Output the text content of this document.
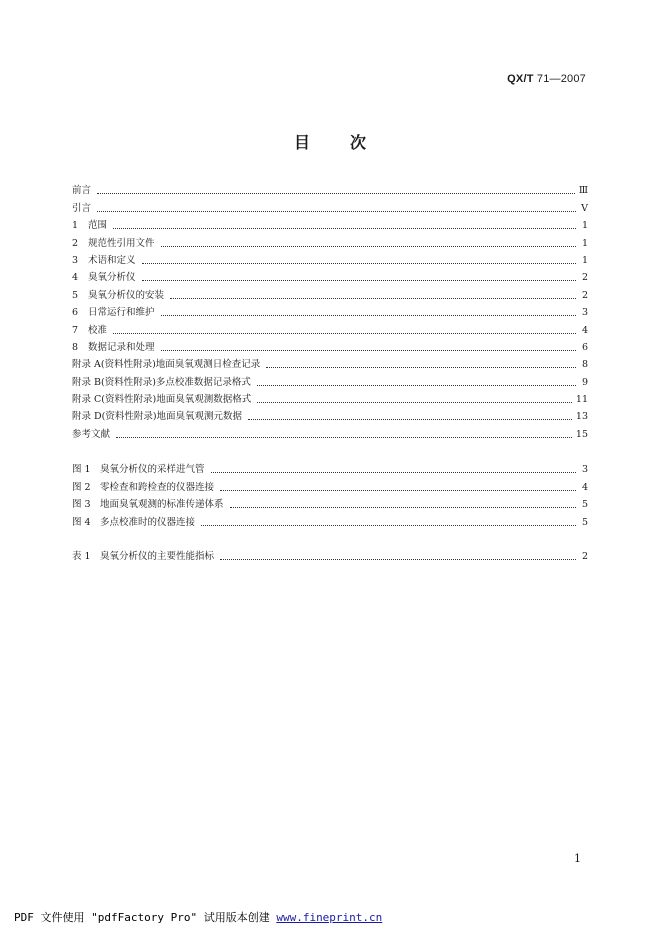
QX/T 71—2007
目 次
前言	Ⅲ
引言	Ⅴ
1	范围	1
2	规范性引用文件	1
3	术语和定义	1
4	臭氧分析仪	2
5	臭氧分析仪的安装	2
6	日常运行和维护	3
7	校准	4
8	数据记录和处理	6
附录 A(资料性附录)地面臭氧观测日检查记录	8
附录 B(资料性附录)多点校准数据记录格式	9
附录 C(资料性附录)地面臭氧观测数据格式	11
附录 D(资料性附录)地面臭氧观测元数据	13
参考文献	15
图 1 臭氧分析仪的采样进气管	3
图 2 零检查和跨检查的仪器连接	4
图 3 地面臭氧观测的标准传递体系	5
图 4 多点校准时的仪器连接	5
表 1 臭氧分析仪的主要性能指标	2
1
PDF 文件使用 "pdfFactory Pro" 试用版本创建 www.fineprint.cn
